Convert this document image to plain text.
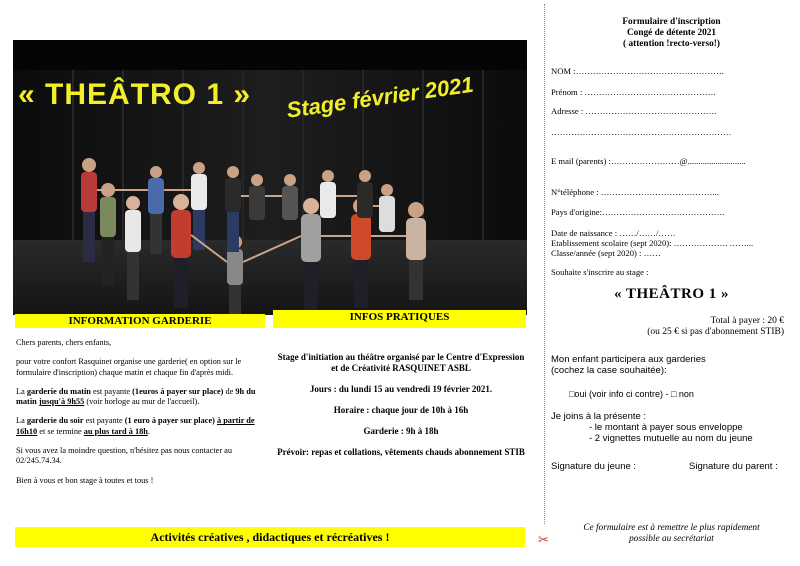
« THEÂTRO 1 » Stage février 2021
INFORMATION GARDERIE	INFOS PRATIQUES

Chers parents, chers enfants,

pour votre confort Rasquinet organise une garderie( en option sur le formulaire d'inscription) chaque matin et chaque fin d'après midi.

La garderie du matin est payante (1euros à payer sur place) de 9h du matin jusqu'à 9h55 (voir horloge au mur de l'accueil).

La garderie du soir est payante (1 euro à payer sur place) à partir de 16h10 et se termine au plus tard à 18h.

Si vous avez la moindre question, n'hésitez pas nous contacter au 02/245.74.34.

Bien à vous et bon stage à toutes et tous !

Stage d'initiation au théâtre organisé par le Centre d'Expression et de Créativité RASQUINET ASBL

Jours : du lundi 15 au vendredi 19 février 2021.

Horaire : chaque jour de 10h à 16h

Garderie : 9h à 18h

Prévoir: repas et collations, vêtements chauds abonnement STIB

Activités créatives , didactiques et récréatives !	✂
Formulaire d'inscription
Congé de détente 2021
( attention !recto-verso!)
NOM :…………………………………………….
Prénom : ……………………………………….
Adresse : ……………………………………….
………………………………………………………
E mail (parents) :……………………@...........................
N°téléphone : …………………………………...
Pays d'origine:…………………………………….
Date de naissance : ……/……/……
Etablissement scolaire (sept 2020): ………………. ……...
Classe/année (sept 2020) : ……
Souhaite s'inscrire au stage :
« THEÂTRO 1 »
Total à payer : 20 €
(ou 25 € si pas d'abonnement STIB)
Mon enfant participera aux garderies
(cochez la case souhaitée):
□oui (voir info ci contre) - □ non
Je joins à la présente :
- le montant à payer sous enveloppe
- 2 vignettes mutuelle au nom du jeune
Signature du jeune :	Signature du parent :
Ce formulaire est à remettre le plus rapidement
possible au secrétariat
